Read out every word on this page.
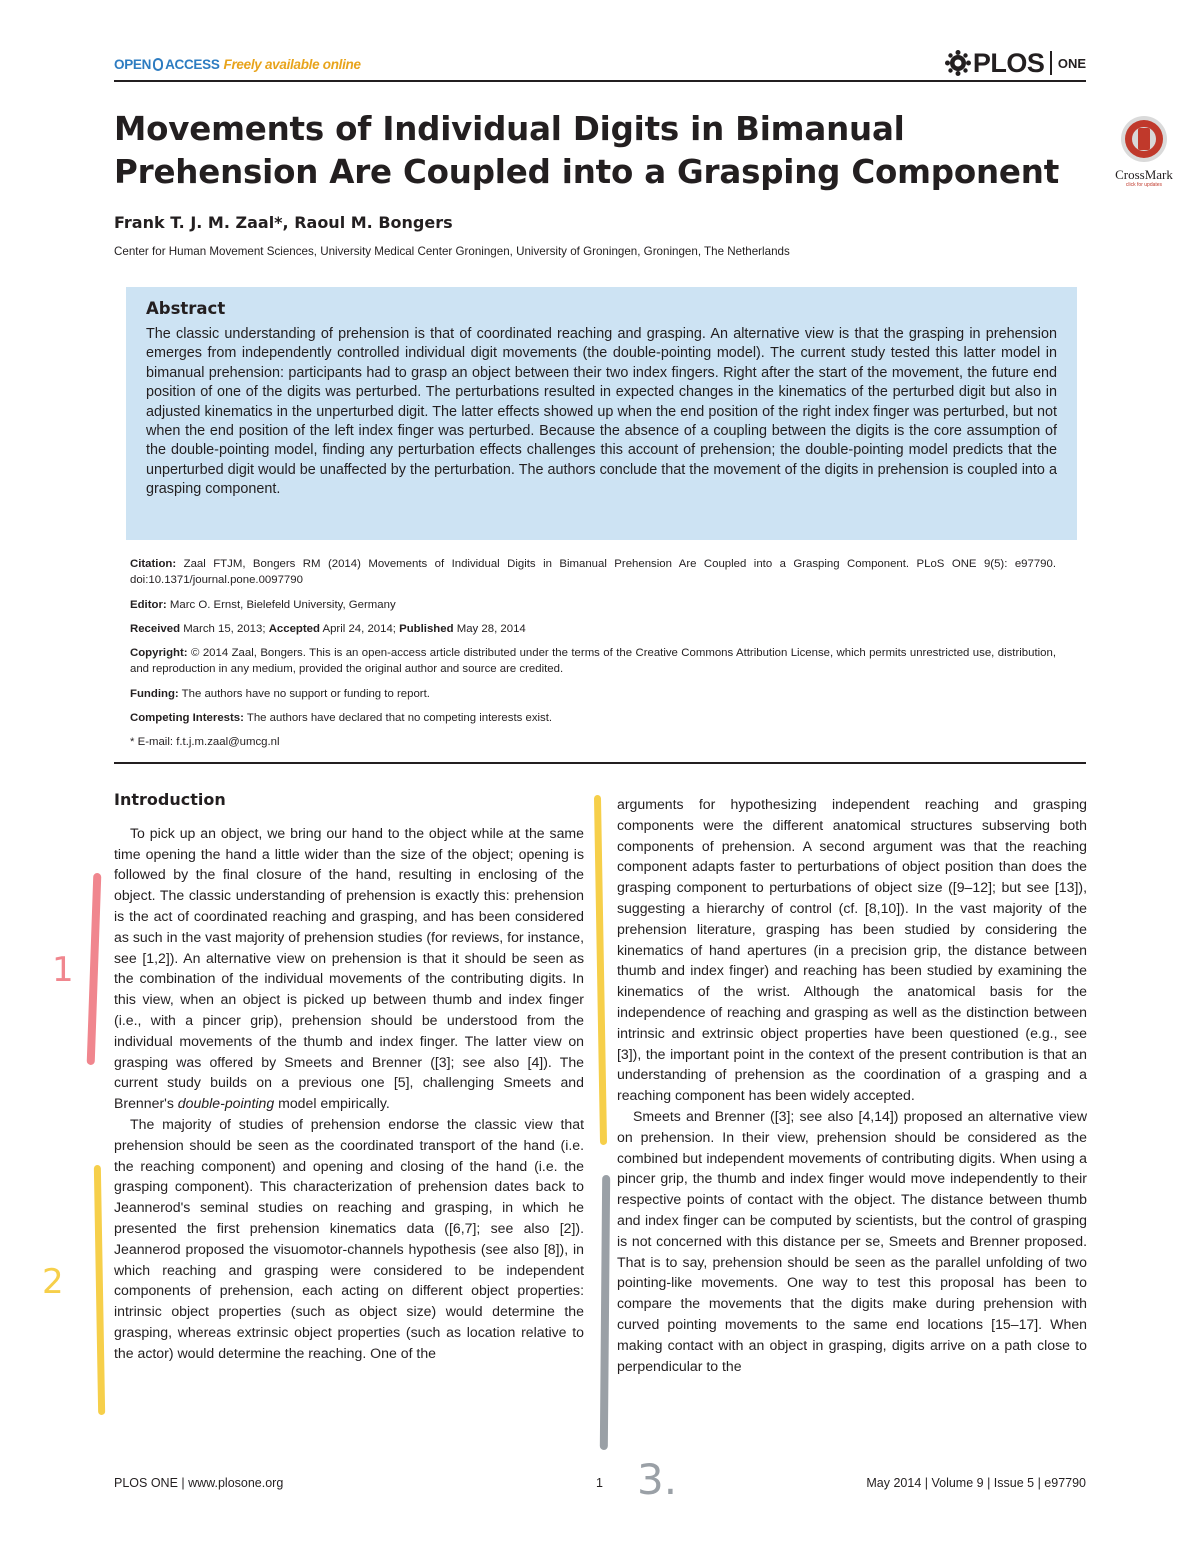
OPEN ACCESS Freely available online	PLOS ONE
Movements of Individual Digits in Bimanual Prehension Are Coupled into a Grasping Component	CrossMark
click for updates
Frank T. J. M. Zaal*, Raoul M. Bongers
Center for Human Movement Sciences, University Medical Center Groningen, University of Groningen, Groningen, The Netherlands
Abstract
The classic understanding of prehension is that of coordinated reaching and grasping. An alternative view is that the grasping in prehension emerges from independently controlled individual digit movements (the double-pointing model). The current study tested this latter model in bimanual prehension: participants had to grasp an object between their two index fingers. Right after the start of the movement, the future end position of one of the digits was perturbed. The perturbations resulted in expected changes in the kinematics of the perturbed digit but also in adjusted kinematics in the unperturbed digit. The latter effects showed up when the end position of the right index finger was perturbed, but not when the end position of the left index finger was perturbed. Because the absence of a coupling between the digits is the core assumption of the double-pointing model, finding any perturbation effects challenges this account of prehension; the double-pointing model predicts that the unperturbed digit would be unaffected by the perturbation. The authors conclude that the movement of the digits in prehension is coupled into a grasping component.
Citation: Zaal FTJM, Bongers RM (2014) Movements of Individual Digits in Bimanual Prehension Are Coupled into a Grasping Component. PLoS ONE 9(5): e97790. doi:10.1371/journal.pone.0097790
Editor: Marc O. Ernst, Bielefeld University, Germany
Received March 15, 2013; Accepted April 24, 2014; Published May 28, 2014
Copyright: © 2014 Zaal, Bongers. This is an open-access article distributed under the terms of the Creative Commons Attribution License, which permits unrestricted use, distribution, and reproduction in any medium, provided the original author and source are credited.
Funding: The authors have no support or funding to report.
Competing Interests: The authors have declared that no competing interests exist.
* E-mail: f.t.j.m.zaal@umcg.nl
1
2
3.
Introduction

To pick up an object, we bring our hand to the object while at the same time opening the hand a little wider than the size of the object; opening is followed by the final closure of the hand, resulting in enclosing of the object. The classic understanding of prehension is exactly this: prehension is the act of coordinated reaching and grasping, and has been considered as such in the vast majority of prehension studies (for reviews, for instance, see [1,2]). An alternative view on prehension is that it should be seen as the combination of the individual movements of the contributing digits. In this view, when an object is picked up between thumb and index finger (i.e., with a pincer grip), prehension should be understood from the individual movements of the thumb and index finger. The latter view on grasping was offered by Smeets and Brenner ([3]; see also [4]). The current study builds on a previous one [5], challenging Smeets and Brenner's double-pointing model empirically.

The majority of studies of prehension endorse the classic view that prehension should be seen as the coordinated transport of the hand (i.e. the reaching component) and opening and closing of the hand (i.e. the grasping component). This characterization of prehension dates back to Jeannerod's seminal studies on reaching and grasping, in which he presented the first prehension kinematics data ([6,7]; see also [2]). Jeannerod proposed the visuomotor-channels hypothesis (see also [8]), in which reaching and grasping were considered to be independent components of prehension, each acting on different object properties: intrinsic object properties (such as object size) would determine the grasping, whereas extrinsic object properties (such as location relative to the actor) would determine the reaching. One of the

arguments for hypothesizing independent reaching and grasping components were the different anatomical structures subserving both components of prehension. A second argument was that the reaching component adapts faster to perturbations of object position than does the grasping component to perturbations of object size ([9–12]; but see [13]), suggesting a hierarchy of control (cf. [8,10]). In the vast majority of the prehension literature, grasping has been studied by considering the kinematics of hand apertures (in a precision grip, the distance between thumb and index finger) and reaching has been studied by examining the kinematics of the wrist. Although the anatomical basis for the independence of reaching and grasping as well as the distinction between intrinsic and extrinsic object properties have been questioned (e.g., see [3]), the important point in the context of the present contribution is that an understanding of prehension as the coordination of a grasping and a reaching component has been widely accepted.

Smeets and Brenner ([3]; see also [4,14]) proposed an alternative view on prehension. In their view, prehension should be considered as the combined but independent movements of contributing digits. When using a pincer grip, the thumb and index finger would move independently to their respective points of contact with the object. The distance between thumb and index finger can be computed by scientists, but the control of grasping is not concerned with this distance per se, Smeets and Brenner proposed. That is to say, prehension should be seen as the parallel unfolding of two pointing-like movements. One way to test this proposal has been to compare the movements that the digits make during prehension with curved pointing movements to the same end locations [15–17]. When making contact with an object in grasping, digits arrive on a path close to perpendicular to the

PLOS ONE | www.plosone.org	1	May 2014 | Volume 9 | Issue 5 | e97790
